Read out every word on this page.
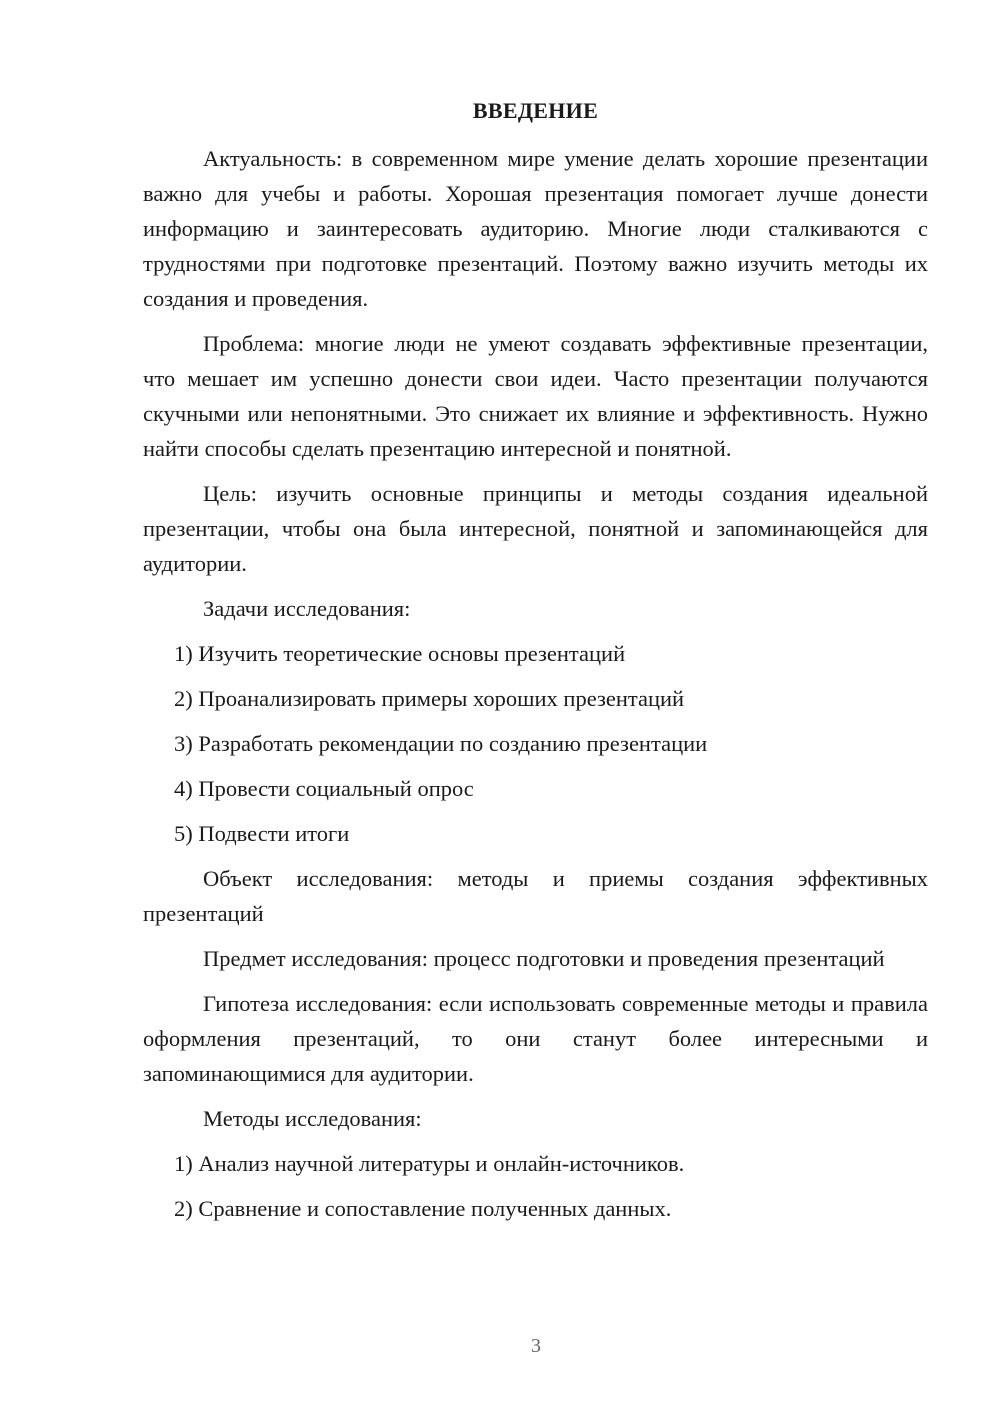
ВВЕДЕНИЕ

Актуальность: в современном мире умение делать хорошие презентации важно для учебы и работы. Хорошая презентация помогает лучше донести информацию и заинтересовать аудиторию. Многие люди сталкиваются с трудностями при подготовке презентаций. Поэтому важно изучить методы их создания и проведения.

Проблема: многие люди не умеют создавать эффективные презентации, что мешает им успешно донести свои идеи. Часто презентации получаются скучными или непонятными. Это снижает их влияние и эффективность. Нужно найти способы сделать презентацию интересной и понятной.

Цель: изучить основные принципы и методы создания идеальной презентации, чтобы она была интересной, понятной и запоминающейся для аудитории.

Задачи исследования:

1) Изучить теоретические основы презентаций

2) Проанализировать примеры хороших презентаций

3) Разработать рекомендации по созданию презентации

4) Провести социальный опрос

5) Подвести итоги

Объект исследования: методы и приемы создания эффективных презентаций

Предмет исследования: процесс подготовки и проведения презентаций

Гипотеза исследования: если использовать современные методы и правила оформления презентаций, то они станут более интересными и запоминающимися для аудитории.

Методы исследования:

1) Анализ научной литературы и онлайн-источников.

2) Сравнение и сопоставление полученных данных.

3
